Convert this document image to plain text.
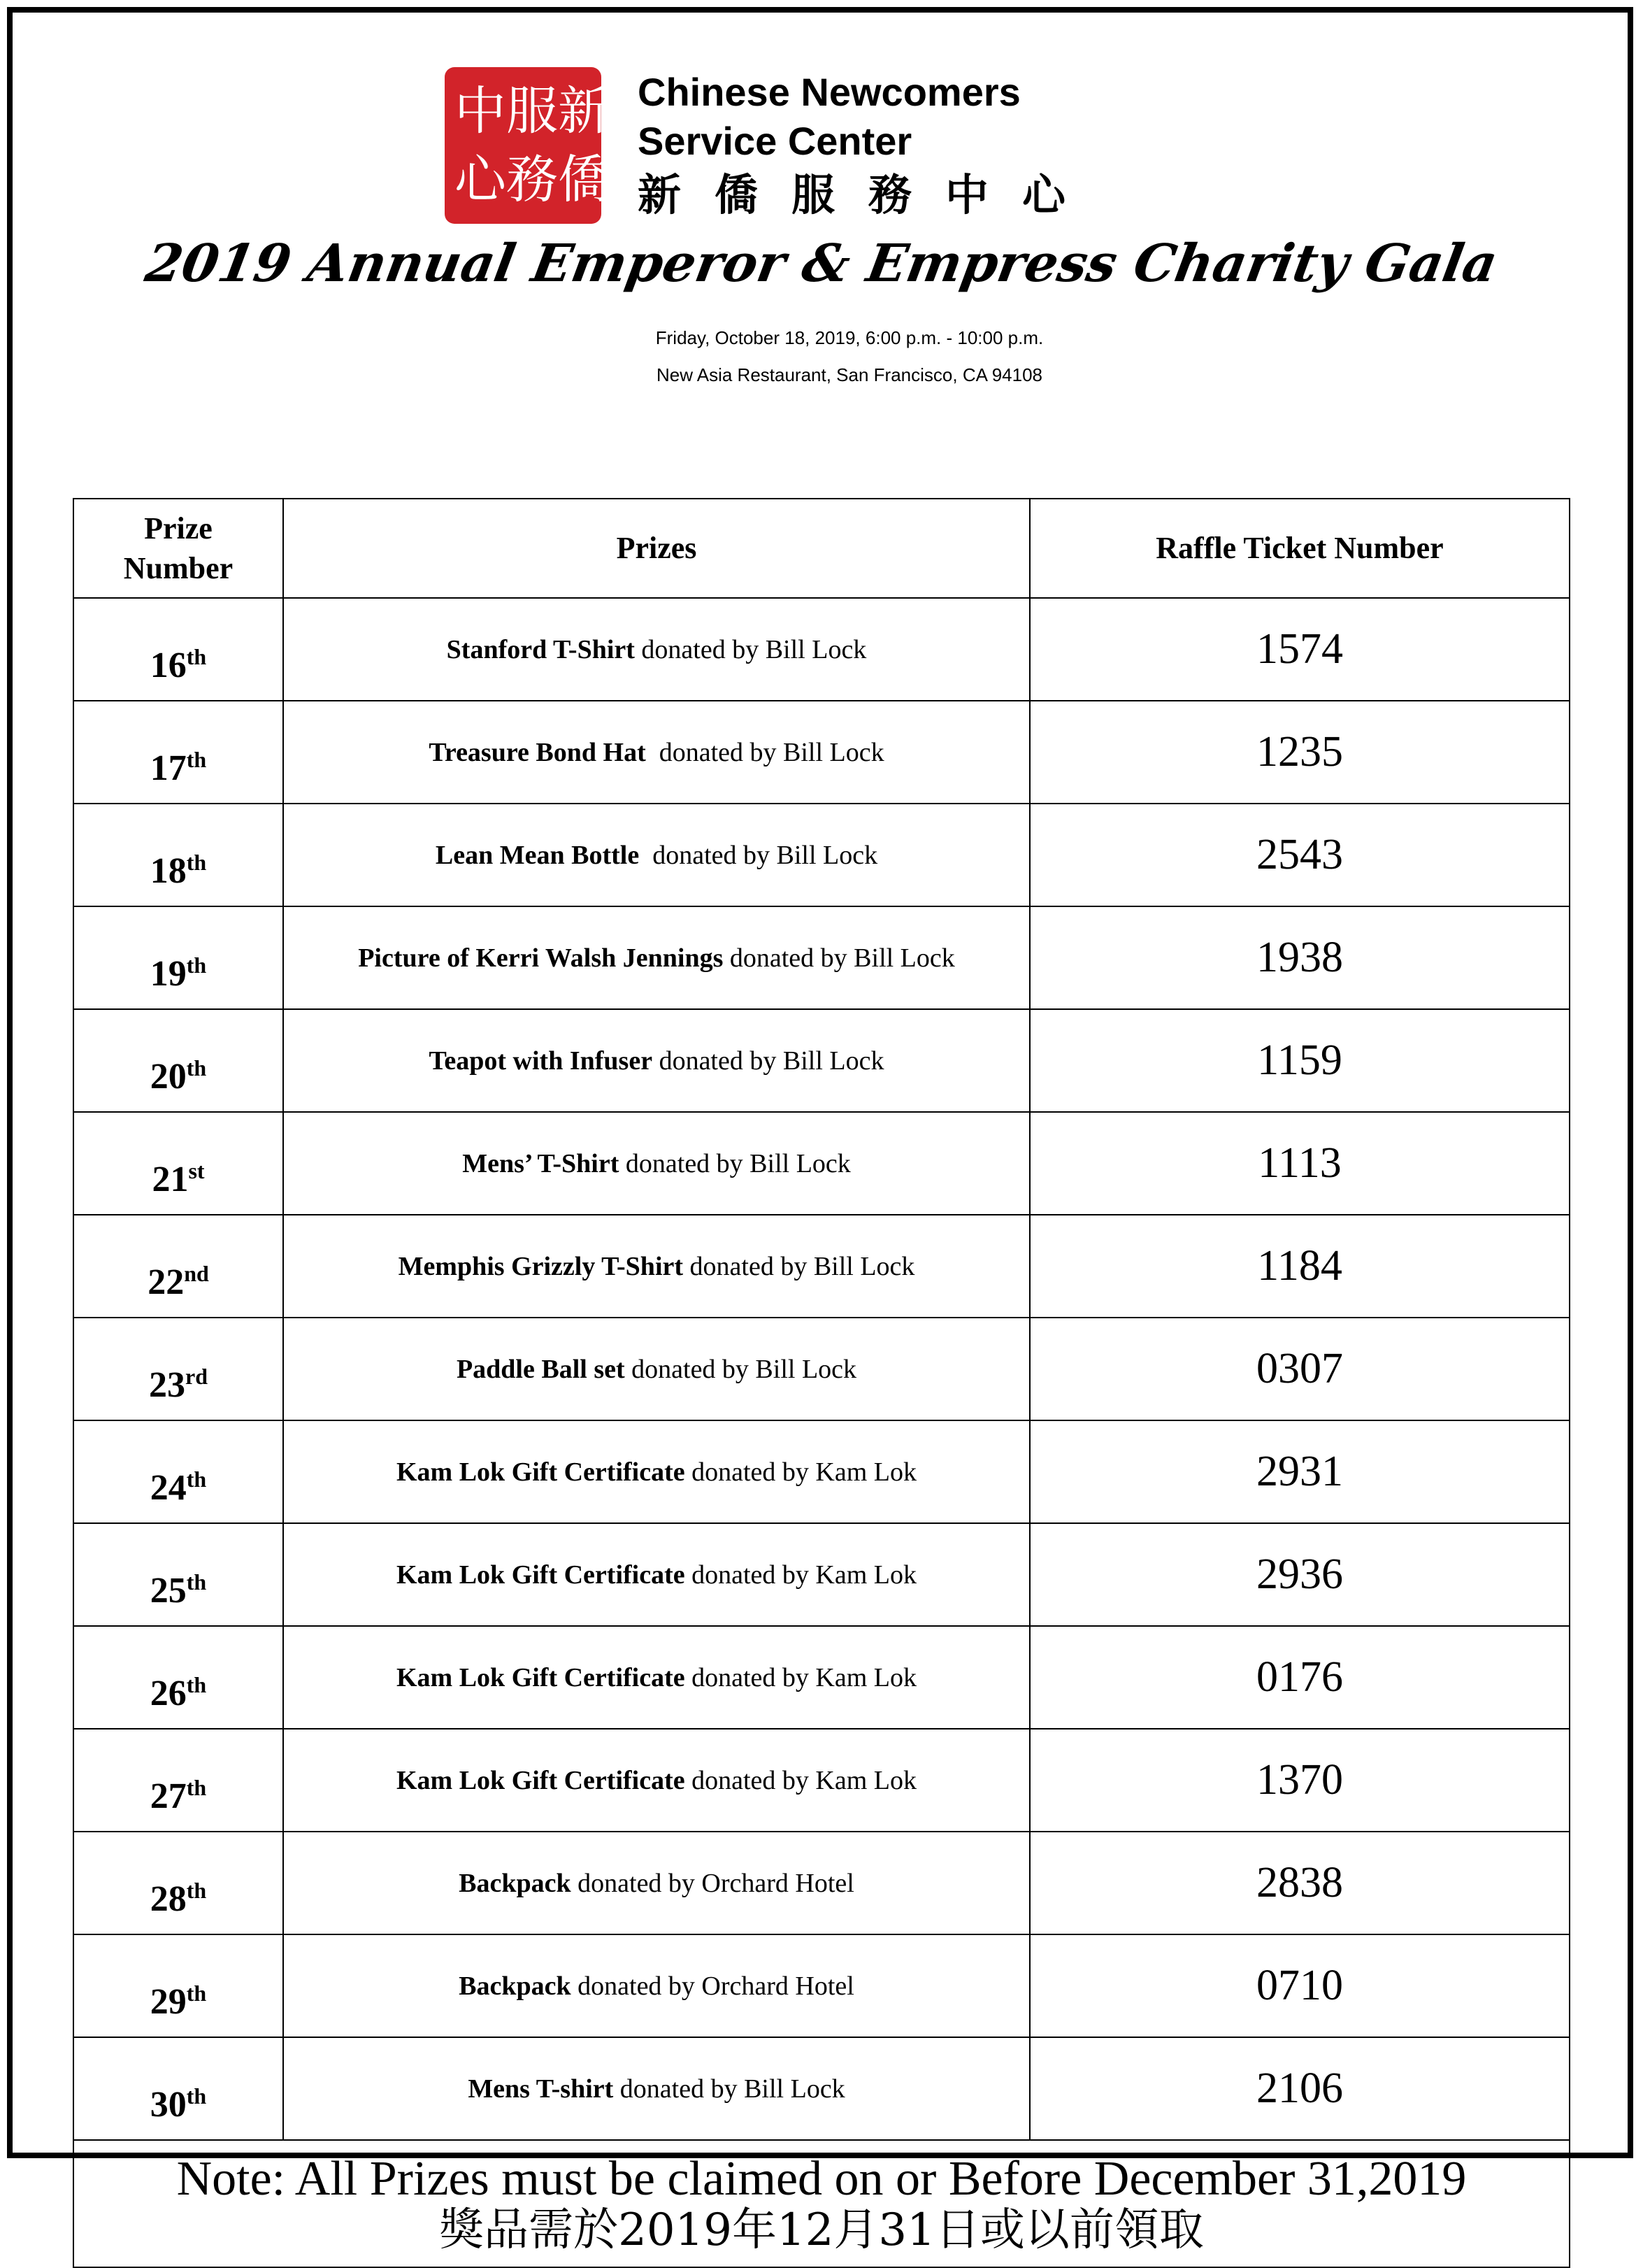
中 服 新
心 務 僑
Chinese Newcomers
Service Center
新僑服務中心
2019 Annual Emperor & Empress Charity Gala
Friday, October 18, 2019, 6:00 p.m. - 10:00 p.m.
New Asia Restaurant, San Francisco, CA 94108
Prize
Number	Prizes	Raffle Ticket Number
16th	Stanford T-Shirt donated by Bill Lock	1574
17th	Treasure Bond Hat  donated by Bill Lock	1235
18th	Lean Mean Bottle  donated by Bill Lock	2543
19th	Picture of Kerri Walsh Jennings donated by Bill Lock	1938
20th	Teapot with Infuser donated by Bill Lock	1159
21st	Mens’ T-Shirt donated by Bill Lock	1113
22nd	Memphis Grizzly T-Shirt donated by Bill Lock	1184
23rd	Paddle Ball set donated by Bill Lock	0307
24th	Kam Lok Gift Certificate donated by Kam Lok	2931
25th	Kam Lok Gift Certificate donated by Kam Lok	2936
26th	Kam Lok Gift Certificate donated by Kam Lok	0176
27th	Kam Lok Gift Certificate donated by Kam Lok	1370
28th	Backpack donated by Orchard Hotel	2838
29th	Backpack donated by Orchard Hotel	0710
30th	Mens T-shirt donated by Bill Lock	2106

Note: All Prizes must be claimed on or Before December 31,2019
獎品需於2019年12月31日或以前領取		
